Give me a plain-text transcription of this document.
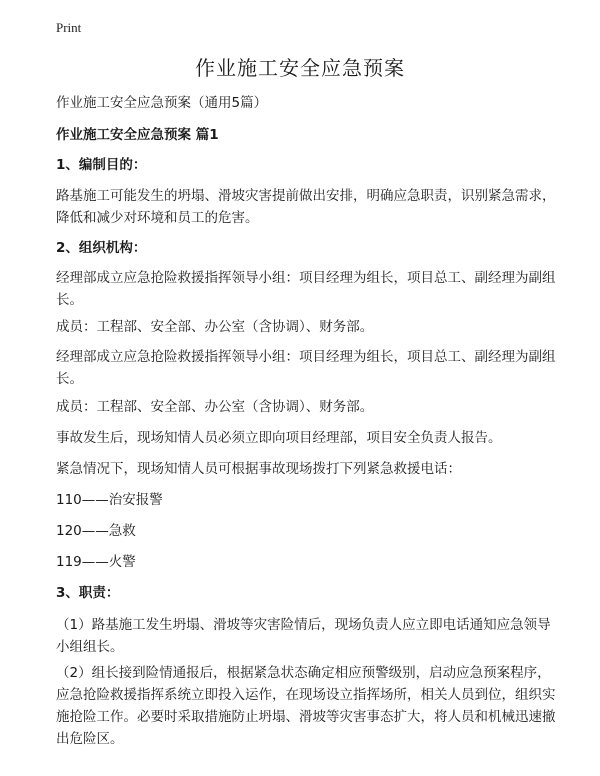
Print
作业施工安全应急预案

作业施工安全应急预案（通用5篇）

作业施工安全应急预案 篇1

1、编制目的：

路基施工可能发生的坍塌、滑坡灾害提前做出安排，明确应急职责，识别紧急需求，降低和减少对环境和员工的危害。

2、组织机构：

经理部成立应急抢险救援指挥领导小组：项目经理为组长，项目总工、副经理为副组长。

成员：工程部、安全部、办公室（含协调）、财务部。

经理部成立应急抢险救援指挥领导小组：项目经理为组长，项目总工、副经理为副组长。

成员：工程部、安全部、办公室（含协调）、财务部。

事故发生后，现场知情人员必须立即向项目经理部，项目安全负责人报告。

紧急情况下，现场知情人员可根据事故现场拨打下列紧急救援电话：

110——治安报警

120——急救

119——火警

3、职责：

（1）路基施工发生坍塌、滑坡等灾害险情后，现场负责人应立即电话通知应急领导小组组长。

（2）组长接到险情通报后，根据紧急状态确定相应预警级别，启动应急预案程序，应急抢险救援指挥系统立即投入运作，在现场设立指挥场所，相关人员到位，组织实施抢险工作。必要时采取措施防止坍塌、滑坡等灾害事态扩大，将人员和机械迅速撤出危险区。
